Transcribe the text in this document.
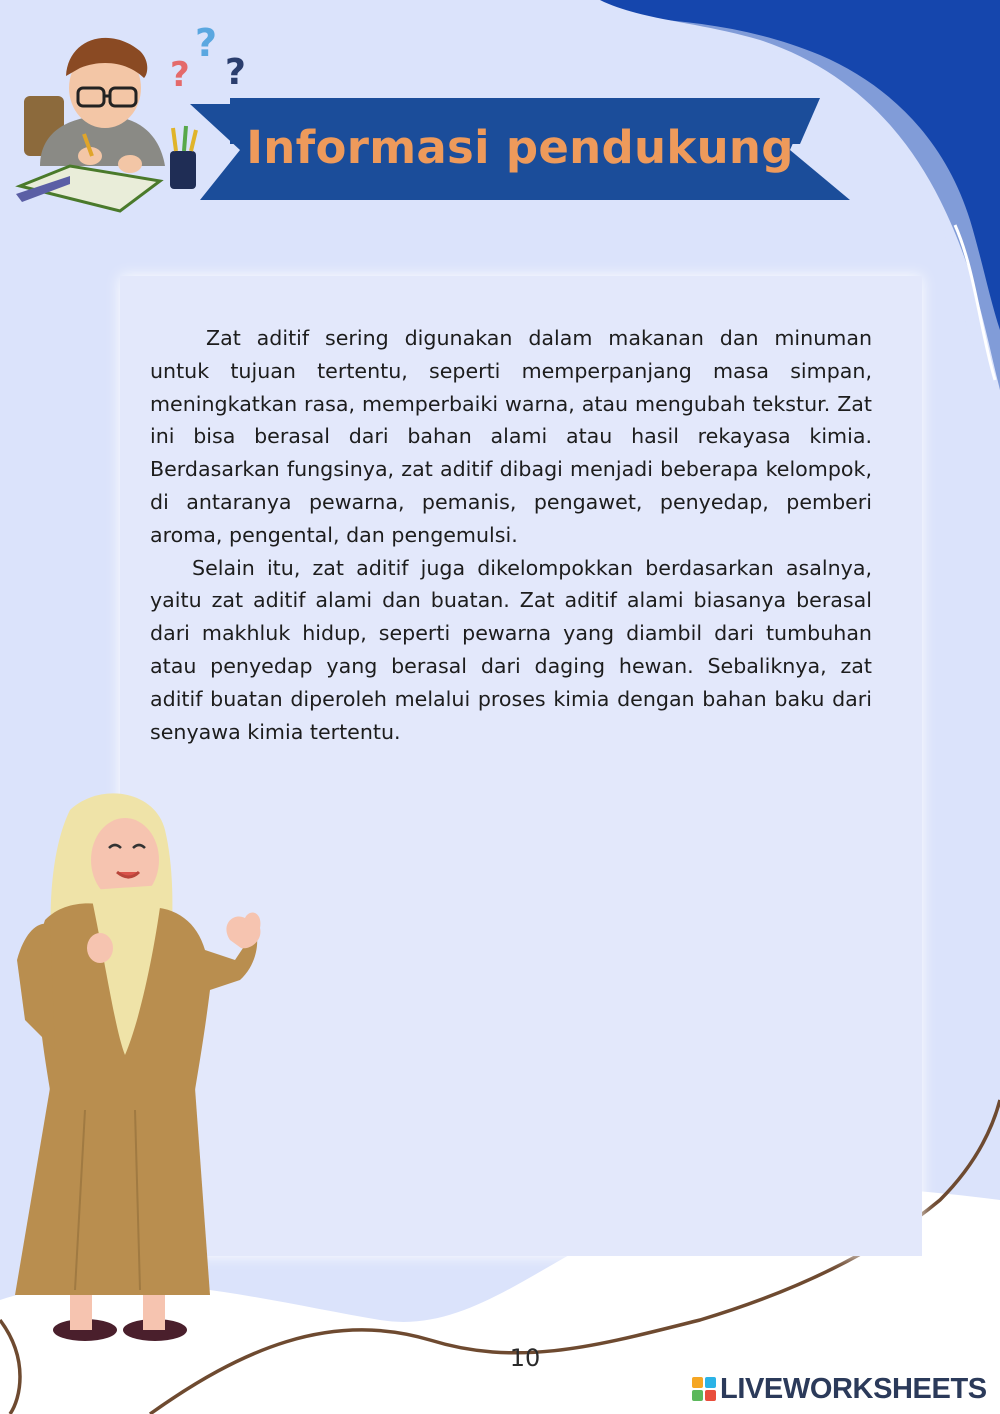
Informasi pendukung
?
?
?

Zat aditif sering digunakan dalam makanan dan minuman untuk tujuan tertentu, seperti memperpanjang masa simpan, meningkatkan rasa, memperbaiki warna, atau mengubah tekstur. Zat ini bisa berasal dari bahan alami atau hasil rekayasa kimia. Berdasarkan fungsinya, zat aditif dibagi menjadi beberapa kelompok, di antaranya pewarna, pemanis, pengawet, penyedap, pemberi aroma, pengental, dan pengemulsi.

Selain itu, zat aditif juga dikelompokkan berdasarkan asalnya, yaitu zat aditif alami dan buatan. Zat aditif alami biasanya berasal dari makhluk hidup, seperti pewarna yang diambil dari tumbuhan atau penyedap yang berasal dari daging hewan. Sebaliknya, zat aditif buatan diperoleh melalui proses kimia dengan bahan baku dari senyawa kimia tertentu.

10
LIVEWORKSHEETS
